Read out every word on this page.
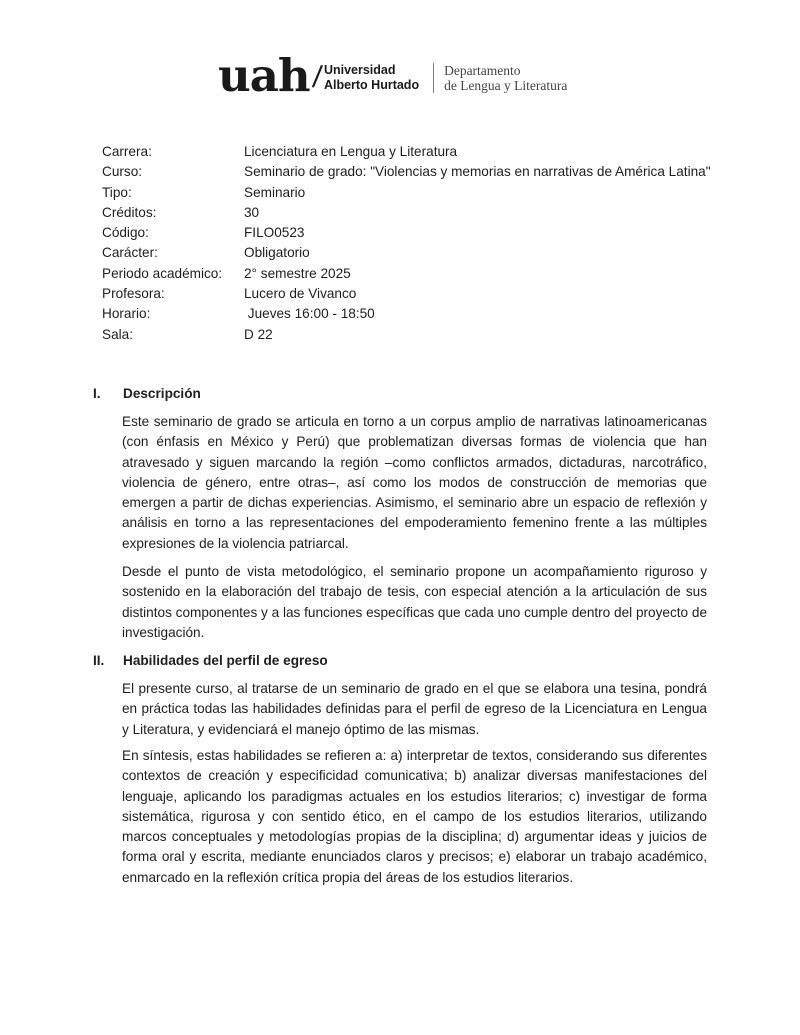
uah / Universidad
Alberto Hurtado
Departamento
de Lengua y Literatura
Carrera:	Licenciatura en Lengua y Literatura
Curso:	Seminario de grado: "Violencias y memorias en narrativas de América Latina"
Tipo:	Seminario
Créditos:	30
Código:	FILO0523
Carácter:	Obligatorio
Periodo académico:	2° semestre 2025
Profesora:	Lucero de Vivanco
Horario:	Jueves 16:00 - 18:50
Sala:	D 22
I.	Descripción

Este seminario de grado se articula en torno a un corpus amplio de narrativas latinoamericanas (con énfasis en México y Perú) que problematizan diversas formas de violencia que han atravesado y siguen marcando la región –como conflictos armados, dictaduras, narcotráfico, violencia de género, entre otras–, así como los modos de construcción de memorias que emergen a partir de dichas experiencias. Asimismo, el seminario abre un espacio de reflexión y análisis en torno a las representaciones del empoderamiento femenino frente a las múltiples expresiones de la violencia patriarcal.

Desde el punto de vista metodológico, el seminario propone un acompañamiento riguroso y sostenido en la elaboración del trabajo de tesis, con especial atención a la articulación de sus distintos componentes y a las funciones específicas que cada uno cumple dentro del proyecto de investigación.

II.	Habilidades del perfil de egreso

El presente curso, al tratarse de un seminario de grado en el que se elabora una tesina, pondrá en práctica todas las habilidades definidas para el perfil de egreso de la Licenciatura en Lengua y Literatura, y evidenciará el manejo óptimo de las mismas.

En síntesis, estas habilidades se refieren a: a) interpretar de textos, considerando sus diferentes contextos de creación y especificidad comunicativa; b) analizar diversas manifestaciones del lenguaje, aplicando los paradigmas actuales en los estudios literarios; c) investigar de forma sistemática, rigurosa y con sentido ético, en el campo de los estudios literarios, utilizando marcos conceptuales y metodologías propias de la disciplina; d) argumentar ideas y juicios de forma oral y escrita, mediante enunciados claros y precisos; e) elaborar un trabajo académico, enmarcado en la reflexión crítica propia del áreas de los estudios literarios.
